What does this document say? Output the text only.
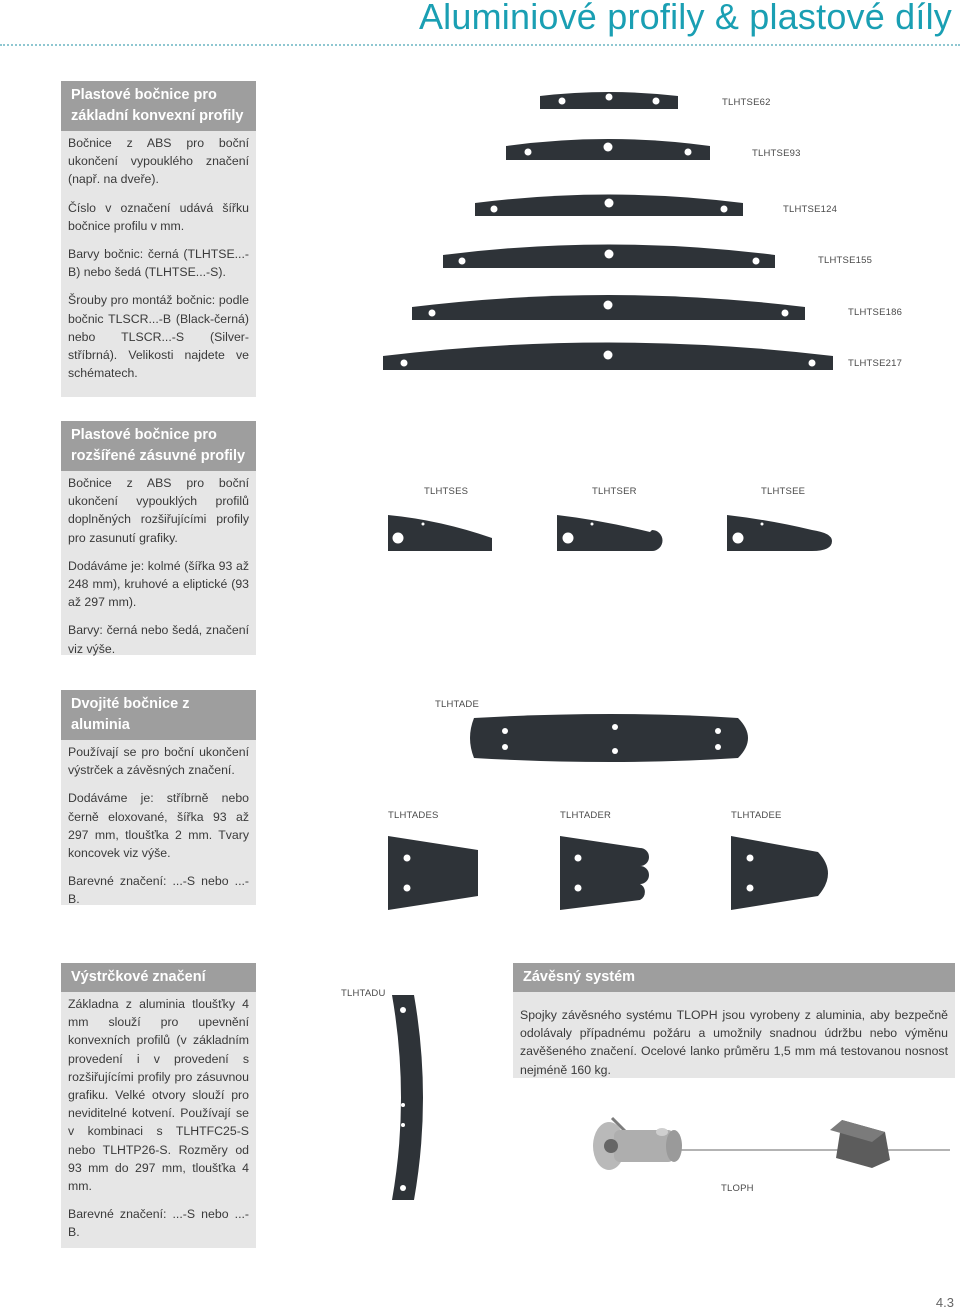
Aluminiové profily & plastové díly
Plastové bočnice pro základní konvexní profily

Bočnice z ABS pro boční ukončení vypouklého značení (např. na dveře).

Číslo v označení udává šířku bočnice profilu v mm.

Barvy bočnic: černá (TLHTSE...-B) nebo šedá (TLHTSE...-S).

Šrouby pro montáž bočnic: podle bočnic TLSCR...-B (Black-černá) nebo TLSCR...-S (Silver-stříbrná). Velikosti najdete ve schématech.

TLHTSE62
TLHTSE93
TLHTSE124
TLHTSE155
TLHTSE186
TLHTSE217
Plastové bočnice pro rozšířené zásuvné profily

Bočnice z ABS pro boční ukončení vypouklých profilů doplněných rozšiřujícími profily pro zasunutí grafiky.

Dodáváme je: kolmé (šířka 93 až 248 mm), kruhové a eliptické (93 až 297 mm).

Barvy: černá nebo šedá, značení viz výše.

TLHTSES	TLHTSER	TLHTSEE
Dvojité bočnice z aluminia

Používají se pro boční ukončení výstrček a závěsných značení.

Dodáváme je: stříbrně nebo černě eloxované, šířka 93 až 297 mm, tloušťka 2 mm. Tvary koncovek viz výše.

Barevné značení: ...-S nebo ...-B.

TLHTADE
TLHTADES	TLHTADER	TLHTADEE
Výstrčkové značení

Základna z aluminia tloušťky 4 mm slouží pro upevnění konvexních profilů (v základním provedení i v provedení s rozšiřujícími profily pro zásuvnou grafiku. Velké otvory slouží pro neviditelné kotvení. Používají se v kombinaci s TLHTFC25-S nebo TLHTP26-S. Rozměry od 93 mm do 297 mm, tloušťka 4 mm.

Barevné značení: ...-S nebo ...-B.

TLHTADU
Závěsný systém

Spojky závěsného systému TLOPH jsou vyrobeny z aluminia, aby bezpečně odolávaly případnému požáru a umožnily snadnou údržbu nebo výměnu zavěšeného značení. Ocelové lanko průměru 1,5 mm má testovanou nosnost nejméně 160 kg.

TLOPH
4.3
